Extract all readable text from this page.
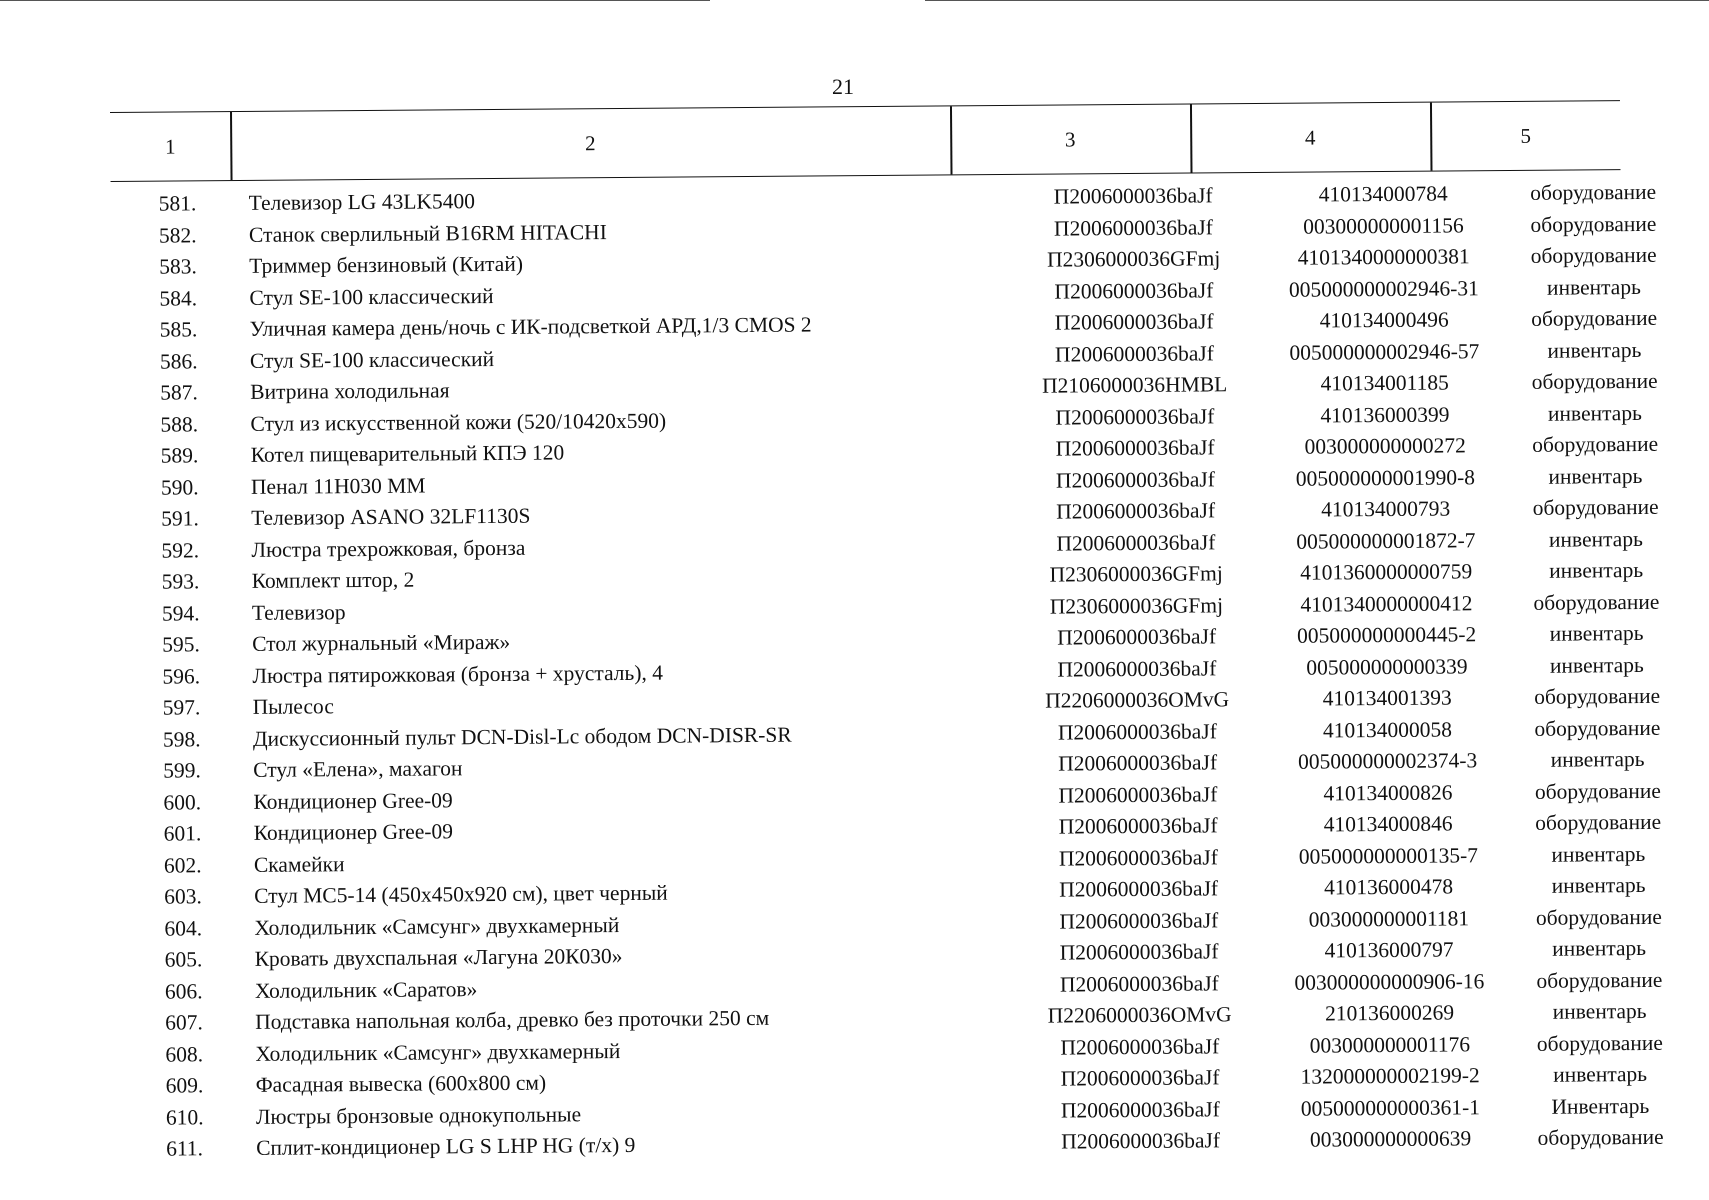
21
1	2	3	4	5
581. Телевизор LG 43LK5400	П2006000036baJf	410134000784	оборудование
582. Станок сверлильный B16RM HITACHI	П2006000036baJf	003000000001156	оборудование
583. Триммер бензиновый (Китай)	П2306000036GFmj	4101340000000381	оборудование
584. Стул SE-100 классический	П2006000036baJf	005000000002946-31	инвентарь
585. Уличная камера день/ночь с ИК-подсветкой АРД,1/3 CMOS 2	П2006000036baJf	410134000496	оборудование
586. Стул SE-100 классический	П2006000036baJf	005000000002946-57	инвентарь
587. Витрина холодильная	П2106000036HMBL	410134001185	оборудование
588. Стул из искусственной кожи (520/10420х590)	П2006000036baJf	410136000399	инвентарь
589. Котел пищеварительный КПЭ 120	П2006000036baJf	003000000000272	оборудование
590. Пенал 11Н030 ММ	П2006000036baJf	005000000001990-8	инвентарь
591. Телевизор ASANO 32LF1130S	П2006000036baJf	410134000793	оборудование
592. Люстра трехрожковая, бронза	П2006000036baJf	005000000001872-7	инвентарь
593. Комплект штор, 2	П2306000036GFmj	4101360000000759	инвентарь
594. Телевизор	П2306000036GFmj	4101340000000412	оборудование
595. Стол журнальный «Мираж»	П2006000036baJf	005000000000445-2	инвентарь
596. Люстра пятирожковая (бронза + хрусталь), 4	П2006000036baJf	005000000000339	инвентарь
597. Пылесос	П2206000036OMvG	410134001393	оборудование
598. Дискуссионный пульт DCN-Disl-Lc ободом DCN-DISR-SR	П2006000036baJf	410134000058	оборудование
599. Стул «Елена», махагон	П2006000036baJf	005000000002374-3	инвентарь
600. Кондиционер Gree-09	П2006000036baJf	410134000826	оборудование
601. Кондиционер Gree-09	П2006000036baJf	410134000846	оборудование
602. Скамейки	П2006000036baJf	005000000000135-7	инвентарь
603. Стул МС5-14 (450х450х920 см), цвет черный	П2006000036baJf	410136000478	инвентарь
604. Холодильник «Самсунг» двухкамерный	П2006000036baJf	003000000001181	оборудование
605. Кровать двухспальная «Лагуна 20К030»	П2006000036baJf	410136000797	инвентарь
606. Холодильник «Саратов»	П2006000036baJf	003000000000906-16	оборудование
607. Подставка напольная колба, древко без проточки 250 см	П2206000036OMvG	210136000269	инвентарь
608. Холодильник «Самсунг» двухкамерный	П2006000036baJf	003000000001176	оборудование
609. Фасадная вывеска (600х800 см)	П2006000036baJf	132000000002199-2	инвентарь
610. Люстры бронзовые однокупольные	П2006000036baJf	005000000000361-1	Инвентарь
611. Сплит-кондиционер LG S LHP HG (т/х) 9	П2006000036baJf	003000000000639	оборудование
